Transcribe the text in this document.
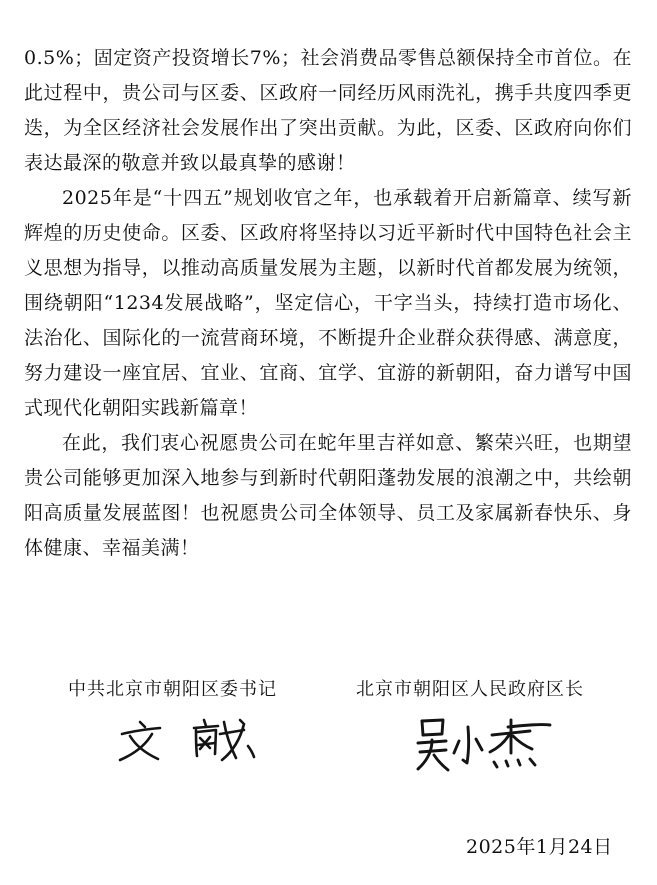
0.5%；固定资产投资增长7%；社会消费品零售总额保持全市首位。在此过程中，贵公司与区委、区政府一同经历风雨洗礼，携手共度四季更迭，为全区经济社会发展作出了突出贡献。为此，区委、区政府向你们表达最深的敬意并致以最真挚的感谢！

2025年是“十四五”规划收官之年，也承载着开启新篇章、续写新辉煌的历史使命。区委、区政府将坚持以习近平新时代中国特色社会主义思想为指导，以推动高质量发展为主题，以新时代首都发展为统领，围绕朝阳“1234发展战略”，坚定信心，干字当头，持续打造市场化、法治化、国际化的一流营商环境，不断提升企业群众获得感、满意度，努力建设一座宜居、宜业、宜商、宜学、宜游的新朝阳，奋力谱写中国式现代化朝阳实践新篇章！

在此，我们衷心祝愿贵公司在蛇年里吉祥如意、繁荣兴旺，也期望贵公司能够更加深入地参与到新时代朝阳蓬勃发展的浪潮之中，共绘朝阳高质量发展蓝图！也祝愿贵公司全体领导、员工及家属新春快乐、身体健康、幸福美满！

中共北京市朝阳区委书记	北京市朝阳区人民政府区长
2025年1月24日
